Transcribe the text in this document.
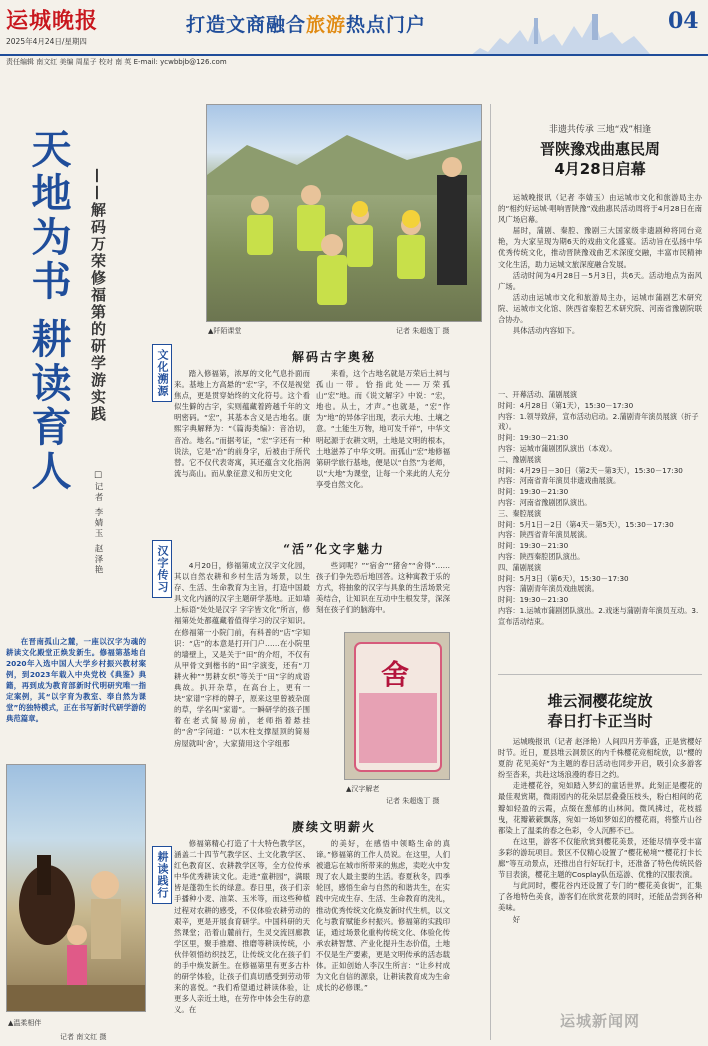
运城晚报
2025年4月24日/星期四
打造文商融合旅游热点门户	04
责任编辑 南文红 美编 周星子 校对 南 英 E-mail: ycwbbjb@126.com
天地为书
耕读育人 ——解码万荣修福第的研学游实践
□记者 李婧玉 赵泽艳
在晋南孤山之麓，一座以汉字为魂的耕读文化殿堂正焕发新生。修福第基地自2020年入选中国人大学乡村振兴教材案例，到2023年载入中央党校《典鉴》典籍，再到成为教育部新时代明研究唯一指定案例，其“以字育为教室、奉自然为课堂”的独特模式，正在书写新时代研学游的典范篇章。
▲温柔相伴
记者 南文红 摄
▲阡陌课堂	记者 朱超逸丁 摄
文化溯源	解码古字奥秘
踏入修福第，浓厚的文化气息扑面而来。基地上方高悬的“宏”字，不仅是视觉焦点，更是贯穿始终的文化符号。这个看似生僻的古字，实则蕴藏着跨越千年的文明密码。“宏”，其基本含义是古地名。康熙字典解释为：“《篇海类编》：音冶切，音冶。地名。”而据考证，“宏”字还有一种说法，它是“冶”的前身字，后被由于所代替。它不仅代表寄寓，其还蕴含文化指润流与高山。而从象征意义和历史文化
来看，这个古地名就是万荣后土祠与孤山一带。恰指此处——万荣孤山“宏”地。而《说文解字》中说：“宏，地也。从土，才声。”也就是，“宏”作为“地”的异体字出现，表示大地、土壤之意。“土能生万物，地可发千祥”，中华文明起源于农耕文明，土地是文明的根本，土地滋养了中华文明。而孤山“宏”地修福第研学旅行基地，便是以“自然”为老师，以“大地”为课堂，让每一个来此的人充分享受自然文化。
汉字传习	“活”化文字魅力
4月20日，修福第成立汉字文化园，其以自然农耕和乡村生活为场景，以生存、生活、生命教育为主旨，打造中国最具文化内涵的汉字主题研学基地。正如墙上标语“处处是汉字 字字皆文化”所言，修福第处处都蕴藏着值得学习的汉字知识。在修福第一小院门前，有科普的“店”字知识：“店”的本意是打开门户……在小院里的墙壁上，又是关于“田”的介绍，不仅有从甲骨文到楷书的“田”字演变，还有“刀耕火种”“男耕女织”等关于“田”字的成语典故。扒开杂草，在高台上，更有一块“家谱”字样的牌子，原来这里曾被杂面的草，学名叫“家谱”。一瞬研学的孩子围着在老式简易房前，老师指着悬挂的“舍”字问道：“以木柱支撑屋顶的简易房屋就叫‘舍’，大家猜用这个字组那
些词呢？”“宿舍”“猪舍”“舍得”……孩子们争先恐后地回答。这种寓教于乐的方式，将抽象的汉字与具象的生活场景完美结合，让知识在互动中生根发芽，深深刻在孩子们的脑海中。
舍
▲汉字解老
记者 朱超逸丁 摄
耕读践行
赓续文明薪火
修福第精心打造了十大特色教学区，涵盖二十四节气教学区、土文化教学区、红色教育区、农耕教学区等，全方位传承中华优秀耕读文化。走进“童耕园”，满眼皆是蓬勃生长的绿意。春日里，孩子们亲手播种小麦、油菜、玉米等，而这些种植过程对农耕的感受，不仅体验农耕劳动的艰辛，更是开展食育研学。中国科研的天然课堂；沿着山麓前行，生灵交流回廊教学区里，聚手推磨、推磨等耕读传统，小伙伴领悟纺织技艺，让传统文化在孩子们的手中焕发新生。在修福第里有更多古朴的研学体验，让孩子们真切感受到劳动带来的喜悦。“我们希望通过耕读体验，让更多人亲近土地，在劳作中体会生存的意义。在
的美好，在感悟中领略生命的真谛。”修福第的工作人员说。在这里，人们被遗忘在城市所带来的焦虑，卖吃火中发现了农人最主要的生活。春夏秋冬，四季轮回，感悟生命与自然的和谐共生，在实践中完成生存、生活、生命教育的洗礼，推动优秀传统文化焕发新时代生机，以文化与教育赋能乡村振兴。修福第的实践印证，通过场景化重构传统文化、体验化传承农耕智慧、产业化提升生态价值，土地不仅是生产要素，更是文明传承的活态载体。正如创始人李汉生所言：“让乡村成为文化自信的源泉，让耕读教育成为生命成长的必修课。”
非遗共传承 三地“戏”相逢
晋陕豫戏曲惠民周
4月28日启幕

运城晚报讯（记者 李婧玉）由运城市文化和旅游局主办的“相约好运城·唱响晋陕豫”戏曲惠民活动周将于4月28日在南风广场启幕。

届时，蒲剧、秦腔、豫剧三大国家级非遗剧种将同台竞艳，为大家呈现为期6天的戏曲文化盛宴。活动旨在弘扬中华优秀传统文化，推动晋陕豫戏曲艺术深度交融，丰富市民精神文化生活，助力运城文旅深度融合发展。

活动时间为4月28日－5月3日，共6天。活动地点为南风广场。

活动由运城市文化和旅游局主办，运城市蒲剧艺术研究院、运城市文化馆、陕西省秦腔艺术研究院、河南省豫剧院联合协办。

具体活动内容如下。

一、开幕活动、蒲剧展演

时间：4月28日（第1天），15:30－17:30

内容：1.领导致辞，宣布活动启动。2.蒲剧青年演员展演（折子戏）。

时间：19:30－21:30

内容：运城市蒲剧团队演出（本戏）。

二、豫剧展演

时间：4月29日－30日（第2天－第3天），15:30－17:30

内容：河南省青年演员非遗戏曲展演。

时间：19:30－21:30

内容：河南省豫剧团队演出。

三、秦腔展演

时间：5月1日－2日（第4天－第5天），15:30－17:30

内容：陕西省青年演员展演。

时间：19:30－21:30

内容：陕西秦腔团队演出。

四、蒲剧展演

时间：5月3日（第6天），15:30－17:30

内容：蒲剧青年演员戏曲展演。

时间：19:30－21:30

内容：1.运城市蒲剧团队演出。2.戏迷与蒲剧青年演员互动。3.宣布活动结束。

堆云洞樱花绽放
春日打卡正当时

运城晚报讯（记者 赵泽艳）人间四月芳菲盛，正是赏樱好时节。近日，夏县堆云洞景区的内千株樱花竞相绽放，以“樱的夏韵 花见美好”为主题的春日活动也同步开启，吸引众多游客纷至沓来，共赴这场浪漫的春日之约。

走进樱花谷，宛如踏入梦幻的童话世界。此刻正是樱花的最佳观赏期，微雨园内的花朵层层叠叠压枝头，粉白相间的花瓣如轻盈的云霞，点缀在葱郁的山林间。微风拂过，花枝摇曳，花瓣簌簌飘落，宛如一场如梦如幻的樱花雨，将整片山谷都染上了温柔的春之色彩，令人沉醉不已。

在这里，游客不仅能欣赏到樱花美景，还能尽情享受丰富多彩的游玩项目。景区不仅精心设置了“樱花秘境”“樱花打卡长廊”等互动景点，还推出自行好玩打卡，还准备了特色传统民俗节目表演，樱花主题的Cosplay队伍巡游、优雅的汉服表演。

与此同时，樱花谷内还设置了专门的“樱花美食街”，汇集了各地特色美食，游客们在欣赏花景的同时，还能品尝到各种美味。

好

运城新闻网
